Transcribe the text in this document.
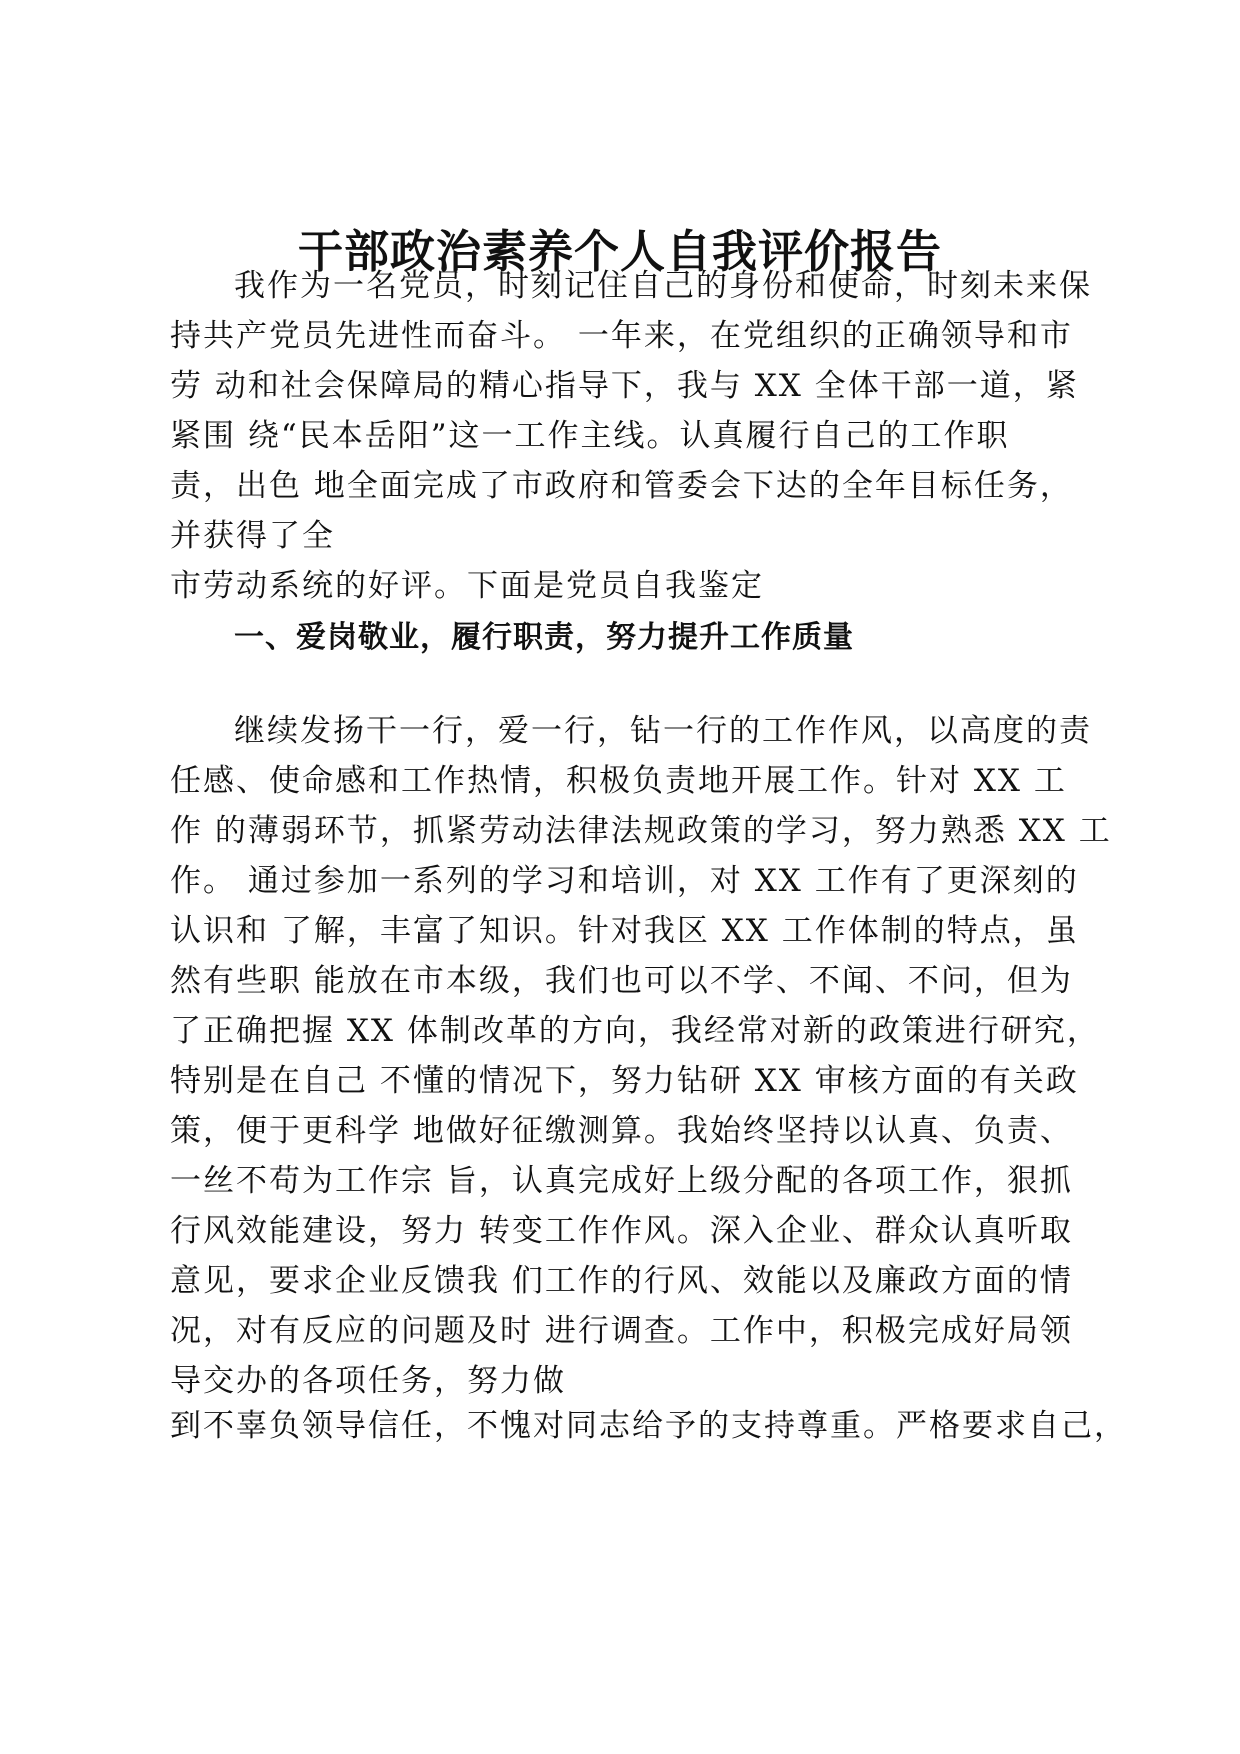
干部政治素养个人自我评价报告

我作为一名党员，时刻记住自己的身份和使命，时刻未来保

持共产党员先进性而奋斗。 一年来，在党组织的正确领导和市

劳 动和社会保障局的精心指导下，我与 XX 全体干部一道，紧

紧围 绕“民本岳阳”这一工作主线。认真履行自己的工作职

责，出色 地全面完成了市政府和管委会下达的全年目标任务，

并获得了全

市劳动系统的好评。下面是党员自我鉴定

一、爱岗敬业，履行职责，努力提升工作质量

继续发扬干一行，爱一行，钻一行的工作作风，以高度的责

任感、使命感和工作热情，积极负责地开展工作。针对 XX 工

作 的薄弱环节，抓紧劳动法律法规政策的学习，努力熟悉 XX 工

作。 通过参加一系列的学习和培训，对 XX 工作有了更深刻的

认识和 了解，丰富了知识。针对我区 XX 工作体制的特点，虽

然有些职 能放在市本级，我们也可以不学、不闻、不问，但为

了正确把握 XX 体制改革的方向，我经常对新的政策进行研究，

特别是在自己 不懂的情况下，努力钻研 XX 审核方面的有关政

策，便于更科学 地做好征缴测算。我始终坚持以认真、负责、

一丝不苟为工作宗 旨，认真完成好上级分配的各项工作，狠抓

行风效能建设，努力 转变工作作风。深入企业、群众认真听取

意见，要求企业反馈我 们工作的行风、效能以及廉政方面的情

况，对有反应的问题及时 进行调查。工作中，积极完成好局领

导交办的各项任务，努力做

到不辜负领导信任，不愧对同志给予的支持尊重。严格要求自己，
